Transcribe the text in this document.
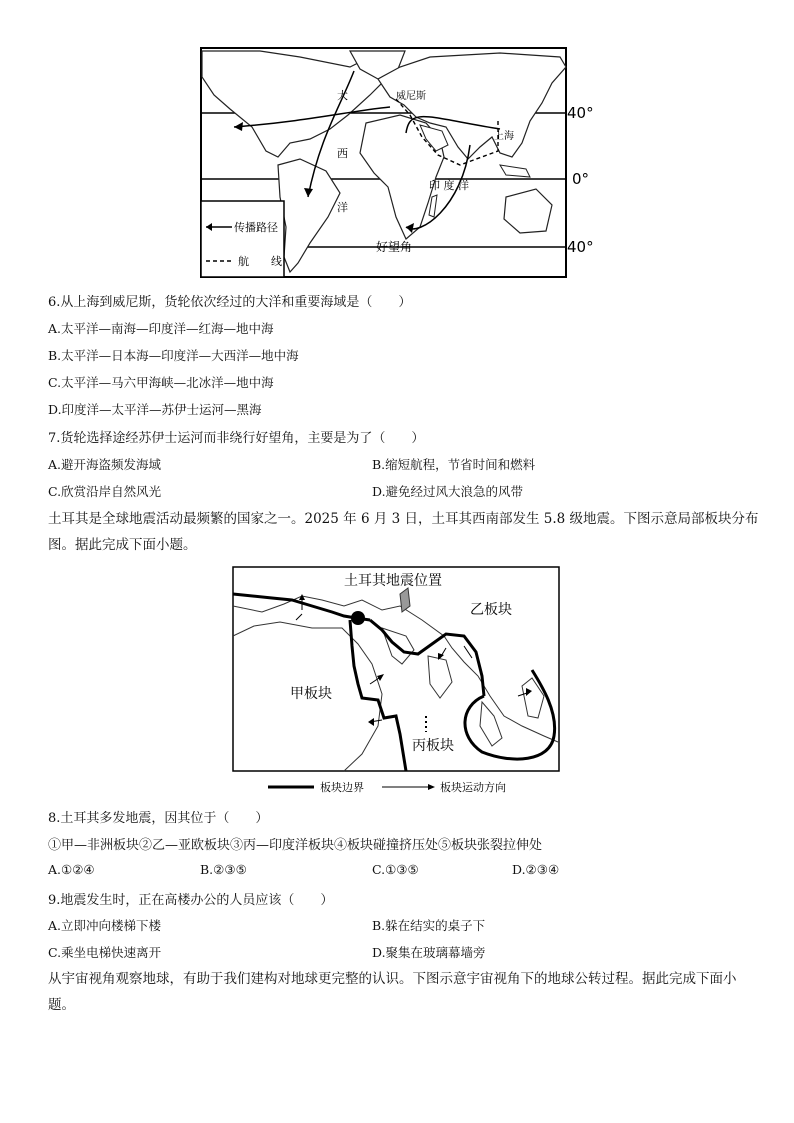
传播路径
航　　线
大	威尼斯
上海
西
洋
印 度 洋
好望角
40°
0°
40°
6.从上海到威尼斯，货轮依次经过的大洋和重要海域是（　　）
A.太平洋—南海—印度洋—红海—地中海
B.太平洋—日本海—印度洋—大西洋—地中海
C.太平洋—马六甲海峡—北冰洋—地中海
D.印度洋—太平洋—苏伊士运河—黑海
7.货轮选择途经苏伊士运河而非绕行好望角，主要是为了（　　）
A.避开海盗频发海域	B.缩短航程，节省时间和燃料
C.欣赏沿岸自然风光	D.避免经过风大浪急的风带
土耳其是全球地震活动最频繁的国家之一。2025 年 6 月 3 日，土耳其西南部发生 5.8 级地震。下图示意局部板块分布图。据此完成下面小题。
土耳其地震位置
乙板块
甲板块
丙板块
板块边界	板块运动方向
8.土耳其多发地震，因其位于（　　）
①甲—非洲板块②乙—亚欧板块③丙—印度洋板块④板块碰撞挤压处⑤板块张裂拉伸处
A.①②④	B.②③⑤	C.①③⑤	D.②③④
9.地震发生时，正在高楼办公的人员应该（　　）
A.立即冲向楼梯下楼	B.躲在结实的桌子下
C.乘坐电梯快速离开	D.聚集在玻璃幕墙旁
从宇宙视角观察地球，有助于我们建构对地球更完整的认识。下图示意宇宙视角下的地球公转过程。据此完成下面小题。
